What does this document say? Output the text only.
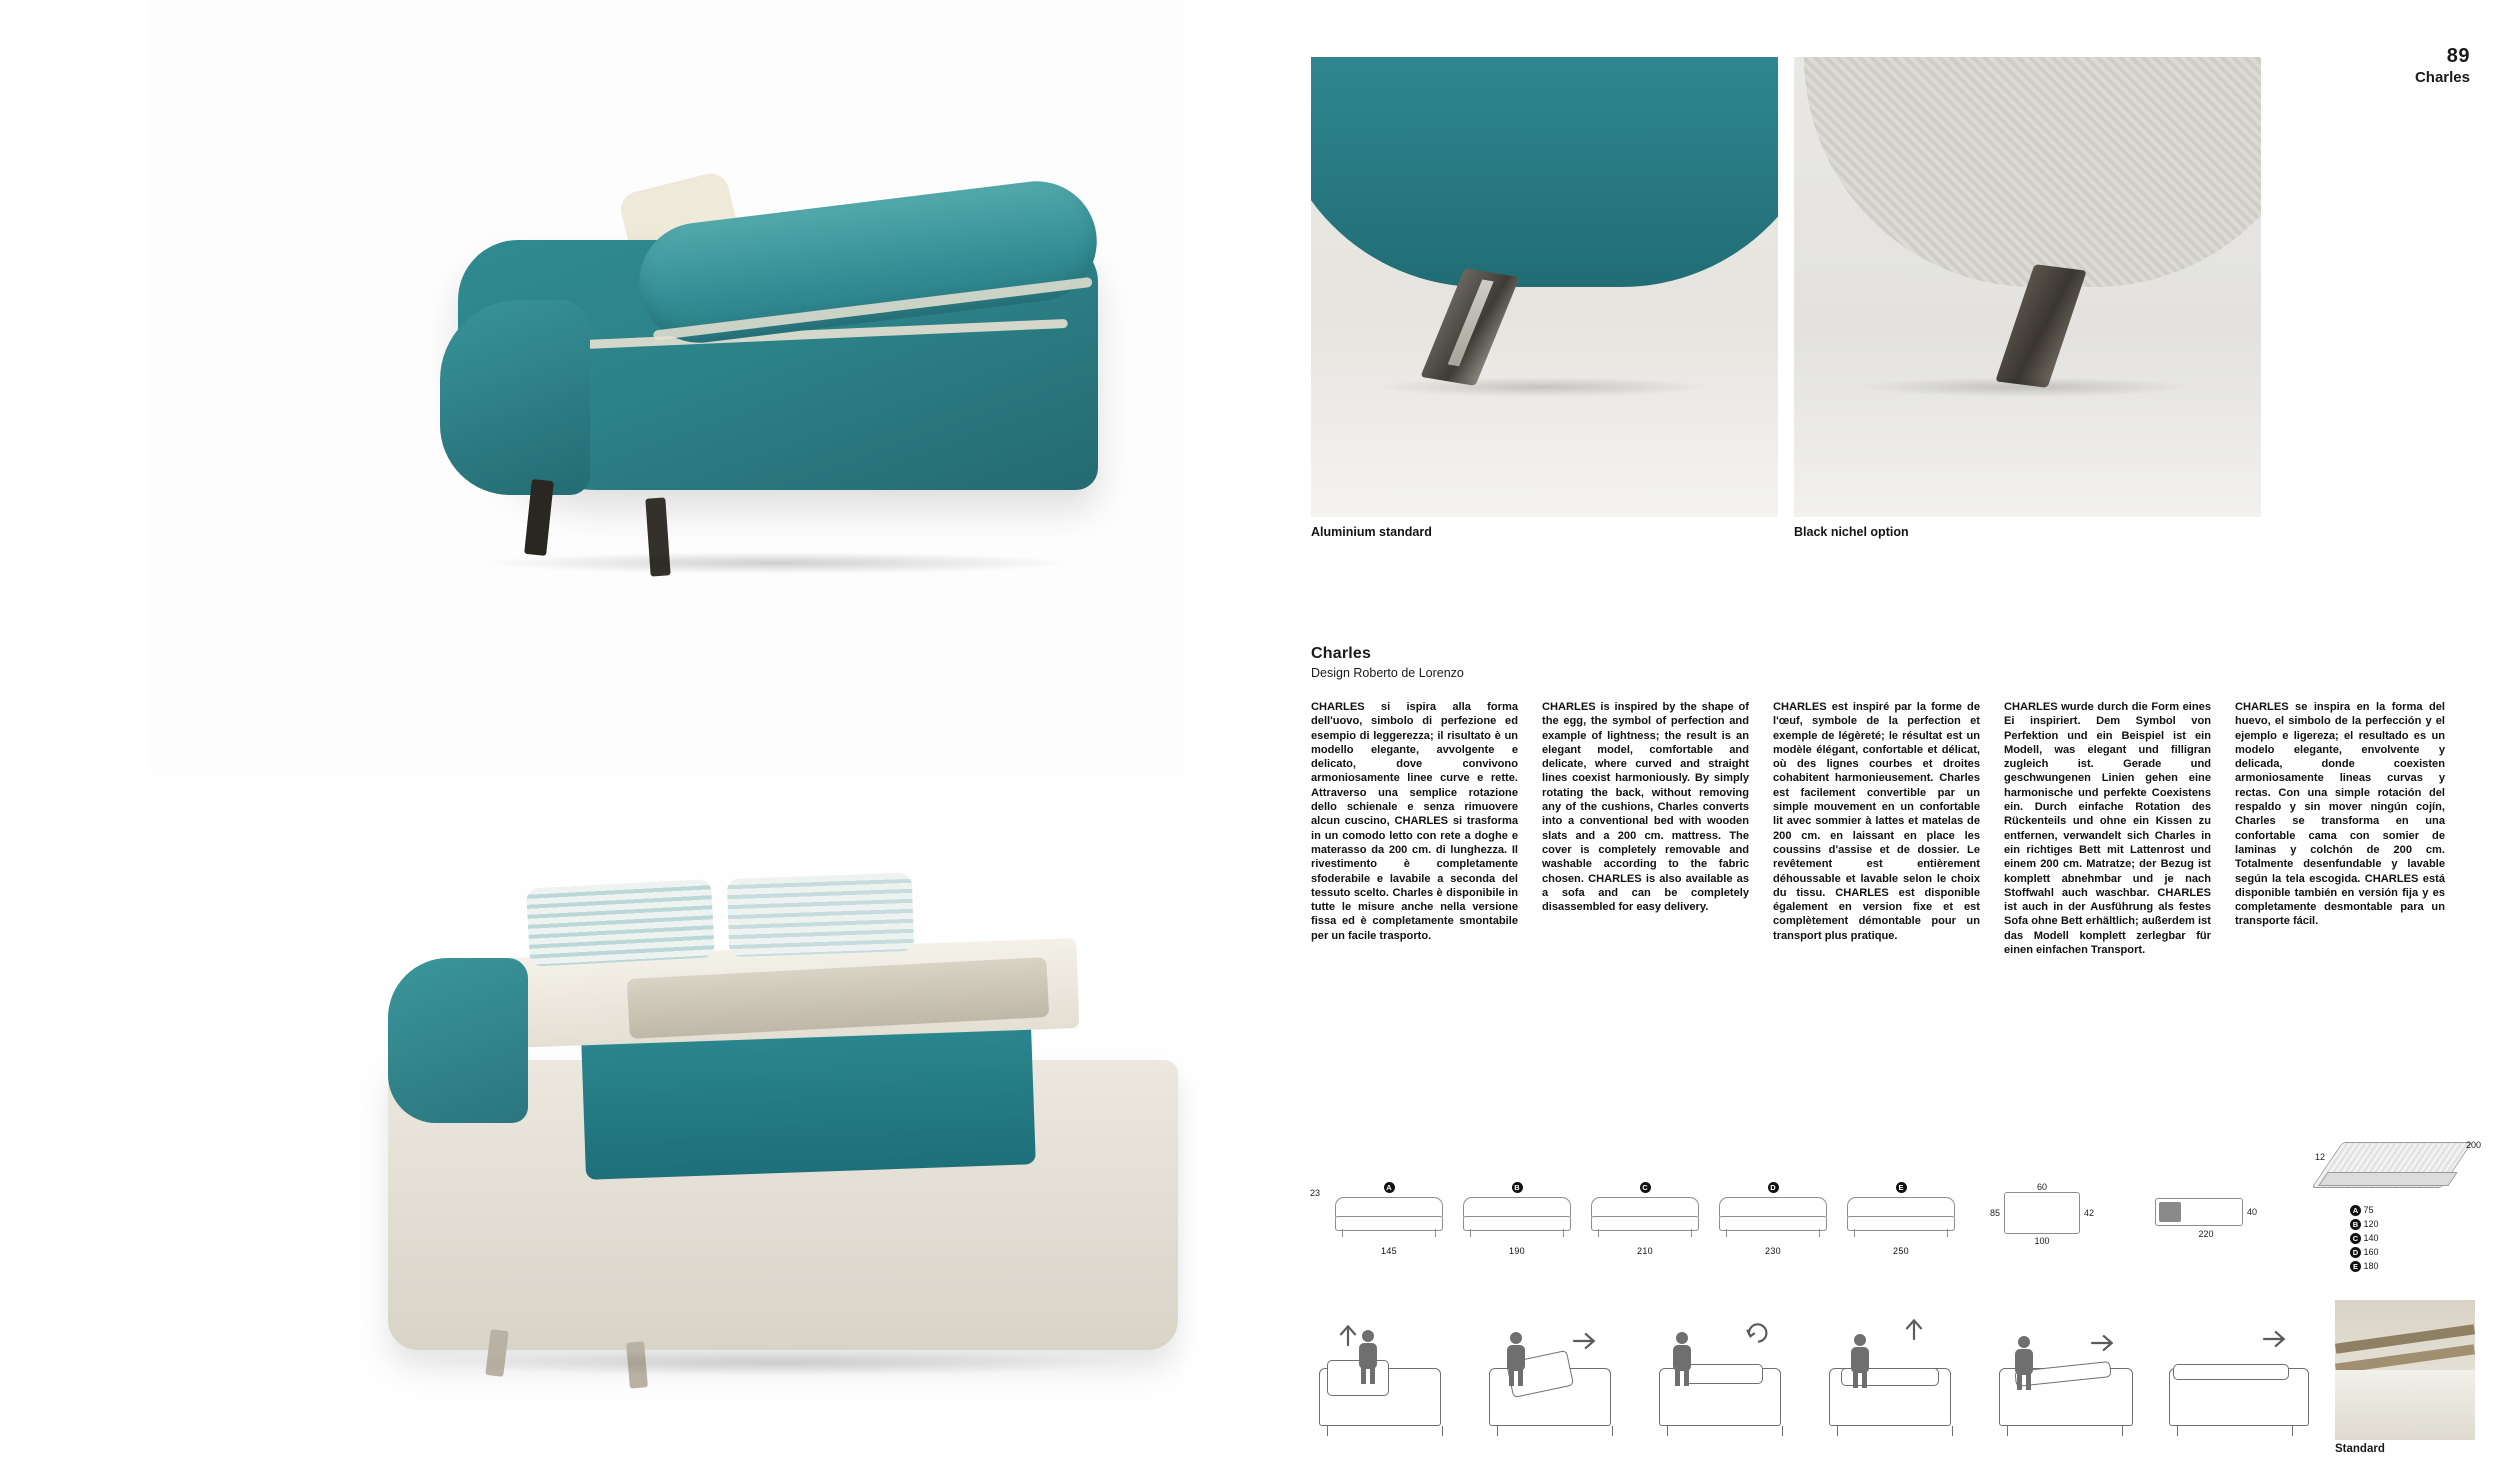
89
Charles
Aluminium standard	Black nichel option
Charles
Design Roberto de Lorenzo
CHARLES si ispira alla forma dell'uovo, simbolo di perfezione ed esempio di leggerezza; il risultato è un modello elegante, avvolgente e delicato, dove convivono armoniosamente linee curve e rette. Attraverso una semplice rotazione dello schienale e senza rimuovere alcun cuscino, CHARLES si trasforma in un comodo letto con rete a doghe e materasso da 200 cm. di lunghezza. Il rivestimento è completamente sfoderabile e lavabile a seconda del tessuto scelto. Charles è disponibile in tutte le misure anche nella versione fissa ed è completamente smontabile per un facile trasporto.
CHARLES is inspired by the shape of the egg, the symbol of perfection and example of lightness; the result is an elegant model, comfortable and delicate, where curved and straight lines coexist harmoniously. By simply rotating the back, without removing any of the cushions, Charles converts into a conventional bed with wooden slats and a 200 cm. mattress. The cover is completely removable and washable according to the fabric chosen. CHARLES is also available as a sofa and can be completely disassembled for easy delivery.
CHARLES est inspiré par la forme de l'œuf, symbole de la perfection et exemple de légèreté; le résultat est un modèle élégant, confortable et délicat, où des lignes courbes et droites cohabitent harmonieusement. Charles est facilement convertible par un simple mouvement en un confortable lit avec sommier à lattes et matelas de 200 cm. en laissant en place les coussins d'assise et de dossier. Le revêtement est entièrement déhoussable et lavable selon le choix du tissu. CHARLES est disponible également en version fixe et est complètement démontable pour un transport plus pratique.
CHARLES wurde durch die Form eines Ei inspiriert. Dem Symbol von Perfektion und ein Beispiel ist ein Modell, was elegant und filligran zugleich ist. Gerade und geschwungenen Linien gehen eine harmonische und perfekte Coexistens ein. Durch einfache Rotation des Rückenteils und ohne ein Kissen zu entfernen, verwandelt sich Charles in ein richtiges Bett mit Lattenrost und einem 200 cm. Matratze; der Bezug ist komplett abnehmbar und je nach Stoffwahl auch waschbar. CHARLES ist auch in der Ausführung als festes Sofa ohne Bett erhältlich; außerdem ist das Modell komplett zerlegbar für einen einfachen Transport.
CHARLES se inspira en la forma del huevo, el simbolo de la perfección y el ejemplo e ligereza; el resultado es un modelo elegante, envolvente y delicada, donde coexisten armoniosamente lineas curvas y rectas. Con una simple rotación del respaldo y sin mover ningún cojín, Charles se transforma en una confortable cama con somier de laminas y colchón de 200 cm. Totalmente desenfundable y lavable según la tela escogida. CHARLES está disponible también en versión fija y es completamente desmontable para un transporte fácil.
23
A
145
B
190
C
210
D
230
E
250
60
85	42
100
40
220
12
200
A 75
B 120
C 140
D 160
E 180
Standard
